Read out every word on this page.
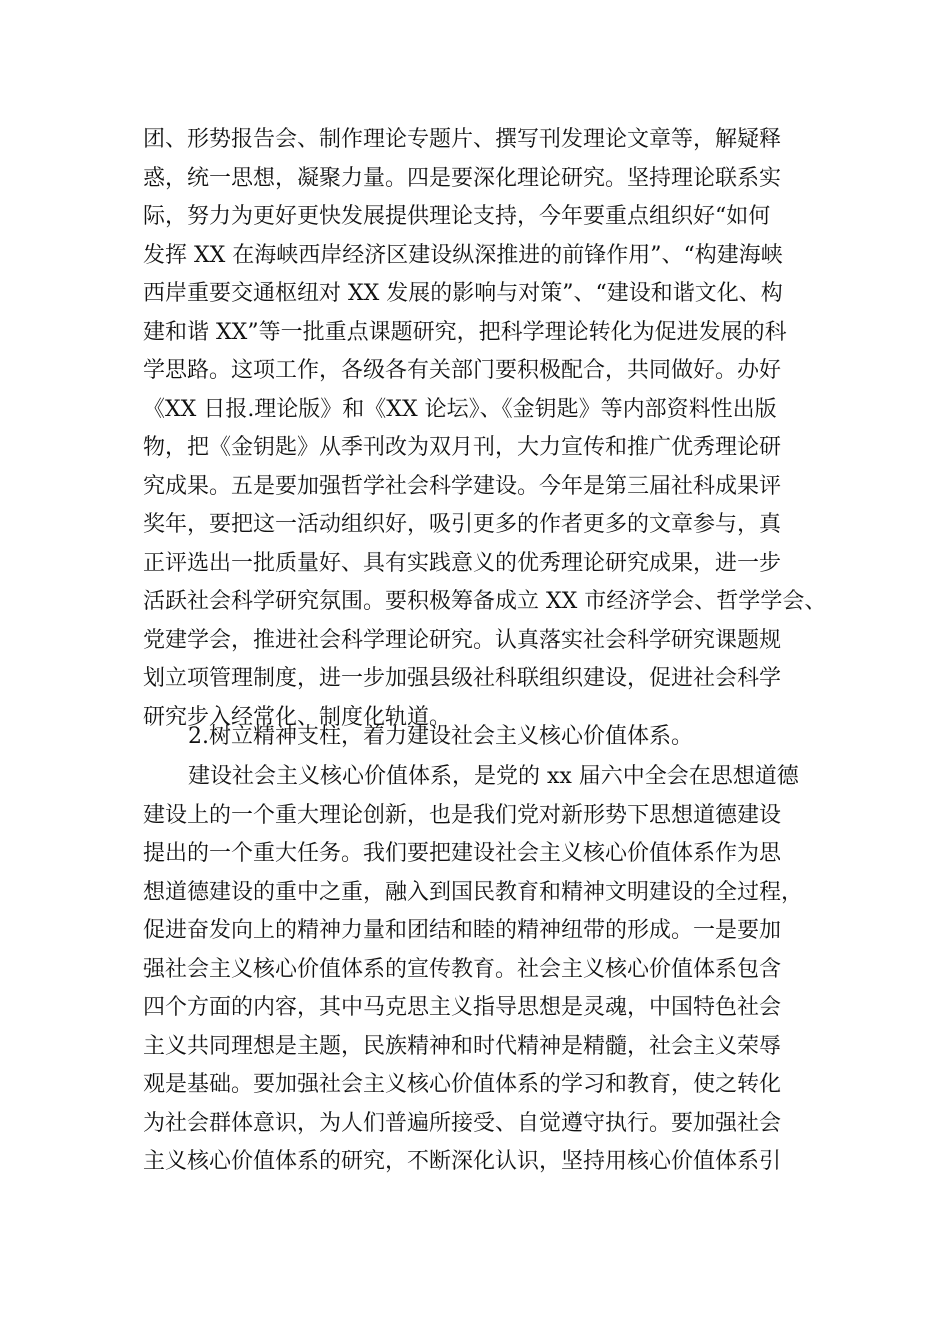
团、形势报告会、制作理论专题片、撰写刊发理论文章等，解疑释
惑，统一思想，凝聚力量。四是要深化理论研究。坚持理论联系实
际，努力为更好更快发展提供理论支持，今年要重点组织好“如何
发挥 XX 在海峡西岸经济区建设纵深推进的前锋作用”、“构建海峡
西岸重要交通枢纽对 XX 发展的影响与对策”、“建设和谐文化、构
建和谐 XX”等一批重点课题研究，把科学理论转化为促进发展的科
学思路。这项工作，各级各有关部门要积极配合，共同做好。办好
《XX 日报.理论版》和《XX 论坛》、《金钥匙》等内部资料性出版
物，把《金钥匙》从季刊改为双月刊，大力宣传和推广优秀理论研
究成果。五是要加强哲学社会科学建设。今年是第三届社科成果评
奖年，要把这一活动组织好，吸引更多的作者更多的文章参与，真
正评选出一批质量好、具有实践意义的优秀理论研究成果，进一步
活跃社会科学研究氛围。要积极筹备成立 XX 市经济学会、哲学学会、
党建学会，推进社会科学理论研究。认真落实社会科学研究课题规
划立项管理制度，进一步加强县级社科联组织建设，促进社会科学
研究步入经常化、制度化轨道。
2.树立精神支柱，着力建设社会主义核心价值体系。
建设社会主义核心价值体系，是党的 xx 届六中全会在思想道德
建设上的一个重大理论创新，也是我们党对新形势下思想道德建设
提出的一个重大任务。我们要把建设社会主义核心价值体系作为思
想道德建设的重中之重，融入到国民教育和精神文明建设的全过程，
促进奋发向上的精神力量和团结和睦的精神纽带的形成。一是要加
强社会主义核心价值体系的宣传教育。社会主义核心价值体系包含
四个方面的内容，其中马克思主义指导思想是灵魂，中国特色社会
主义共同理想是主题，民族精神和时代精神是精髓，社会主义荣辱
观是基础。要加强社会主义核心价值体系的学习和教育，使之转化
为社会群体意识，为人们普遍所接受、自觉遵守执行。要加强社会
主义核心价值体系的研究，不断深化认识，坚持用核心价值体系引
